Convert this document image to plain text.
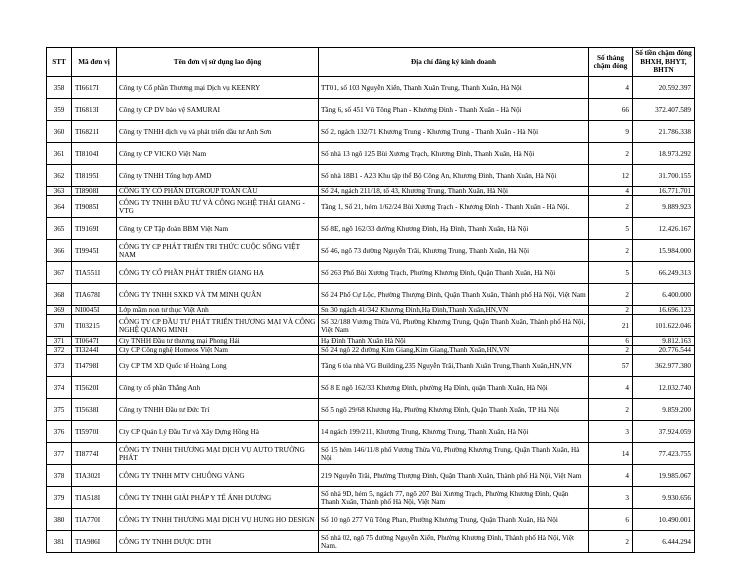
STT	Mã đơn vị	Tên đơn vị sử dụng lao động	Địa chỉ đăng ký kinh doanh	Số tháng chậm đóng	Số tiền chậm đóng BHXH, BHYT, BHTN
358	TI6617I	Công ty Cổ phần Thương mại Dịch vụ KEENRY	TT01, số 103 Nguyễn Xiển, Thanh Xuân Trung, Thanh Xuân, Hà Nội	4	20.592.397
359	TI6813I	Công ty CP DV bảo vệ SAMURAI	Tầng 6, số 451 Vũ Tông Phan - Khương Đình - Thanh Xuân - Hà Nội	66	372.407.589
360	TI6821I	Công ty TNHH dịch vụ và phát triển dầu tư Anh Sơn	Số 2, ngách 132/71 Khương Trung - Khương Trung - Thanh Xuân - Hà Nội	9	21.786.338
361	TI8104I	Công ty CP VICKO Việt Nam	Số nhà 13 ngõ 125 Bùi Xương Trạch, Khương Đình, Thanh Xuân, Hà Nội	2	18.973.292
362	TI8195I	Công ty TNHH Tổng hợp AMD	Số nhà 18B1 - A23 Khu tập thể Bộ Công An, Khương Đình, Thanh Xuân, Hà Nội	12	31.700.155
363	TI8908I	CÔNG TY CỔ PHẦN DTGROUP TOÀN CẦU	Số 24, ngách 211/18, tổ 43, Khương Trung, Thanh Xuân, Hà Nội	4	16.771.701
364	TI9085I	CÔNG TY TNHH ĐẦU TƯ VÀ CÔNG NGHỆ THÁI GIANG - VTG	Tầng 1, Số 21, hẻm 1/62/24 Bùi Xương Trạch - Khương Đình - Thanh Xuân - Hà Nội.	2	9.889.923
365	TI9169I	Công ty CP Tập đoàn BBM Việt Nam	Số 8E, ngõ 162/33 đường Khương Đình, Hạ Đình, Thanh Xuân, Hà Nội	5	12.426.167
366	TI9945I	CÔNG TY CP PHÁT TRIỂN TRI THỨC CUỘC SỐNG VIỆT NAM	Số 46, ngõ 73 đường Nguyễn Trãi, Khương Trung, Thanh Xuân, Hà Nội	2	15.984.000
367	TIA551I	CÔNG TY CỔ PHẦN PHÁT TRIỂN GIANG HẠ	Số 263 Phố Bùi Xương Trạch, Phường Khương Đình, Quận Thanh Xuân, Hà Nội	5	66.249.313
368	TIA678I	CÔNG TY TNHH SXKD VÀ TM MINH QUÂN	Số 24 Phố Cự Lộc, Phường Thượng Đình, Quận Thanh Xuân, Thành phố Hà Nội, Việt Nam	2	6.400.000
369	NI0045I	Lớp mầm non tư thục Việt Anh	Sn 30 ngách 41/342 Khương Đình,Hạ Đình,Thanh Xuân,HN,VN	2	16.696.123
370	TI03215	CÔNG TY CP ĐẦU TƯ PHÁT TRIỂN THƯƠNG MẠI VÀ CÔNG NGHỆ QUANG MINH	Số 32/188 Vương Thừa Vũ, Phường Khương Trung, Quận Thanh Xuân, Thành phố Hà Nội, Việt Nam	21	101.622.046
371	TI0647I	Cty TNHH Đầu tư thương mại Phong Hải	Hạ Đình Thanh Xuân Hà Nội	6	9.812.163
372	TI3244I	Cty CP Công nghệ Homeos Việt Nam	Số 24 ngõ 22 đường Kim Giang,Kim Giang,Thanh Xuân,HN,VN	2	20.776.544
373	TI4798I	Cty CP TM XD Quốc tế Hoàng Long	Tầng 6 tòa nhà VG Building,235 Nguyễn Trãi,Thanh Xuân Trung,Thanh Xuân,HN,VN	57	362.977.380
374	TI5620I	Công ty cổ phần Thắng Anh	Số 8 E ngõ 162/33 Khương Đình, phường Hạ Đình, quận Thanh Xuân, Hà Nội	4	12.032.740
375	TI5638I	Công ty TNHH Đầu tư Đức Trí	Số 5 ngõ 29/68 Khương Hạ, Phường Khương Đình, Quận Thanh Xuân, TP Hà Nội	2	9.859.200
376	TI5970I	Cty CP Quản Lý Đầu Tư và Xây Dựng Hồng Hà	14 ngách 199/211, Khương Trung, Khương Trung, Thanh Xuân, Hà Nội	3	37.924.059
377	TI8774I	CÔNG TY TNHH THƯƠNG MẠI DỊCH VỤ AUTO TRƯỜNG PHÁT	Số 15 hẻm 146/11/8 phố Vương Thừa Vũ, Phường Khương Trung, Quận Thanh Xuân, Hà Nội	14	77.423.755
378	TIA302I	CÔNG TY TNHH MTV CHUÔNG VÀNG	219 Nguyễn Trãi, Phường Thượng Đình, Quận Thanh Xuân, Thành phố Hà Nội, Việt Nam	4	19.985.067
379	TIA518I	CÔNG TY TNHH GIẢI PHÁP Y TẾ ÁNH DƯƠNG	Số nhà 9D, hẻm 5, ngách 77, ngõ 207 Bùi Xương Trạch, Phường Khương Đình, Quận Thanh Xuân, Thành phố Hà Nội, Việt Nam	3	9.930.656
380	TIA770I	CÔNG TY TNHH THƯƠNG MẠI DỊCH VỤ HUNG HO DESIGN	Số 10 ngõ 277 Vũ Tông Phan, Phường Khương Trung, Quận Thanh Xuân, Hà Nội	6	10.490.001
381	TIA986I	CÔNG TY TNHH DƯỢC DTH	Số nhà 02, ngõ 75 đường Nguyễn Xiển, Phường Khương Đình, Thành phố Hà Nội, Việt Nam.	2	6.444.294
